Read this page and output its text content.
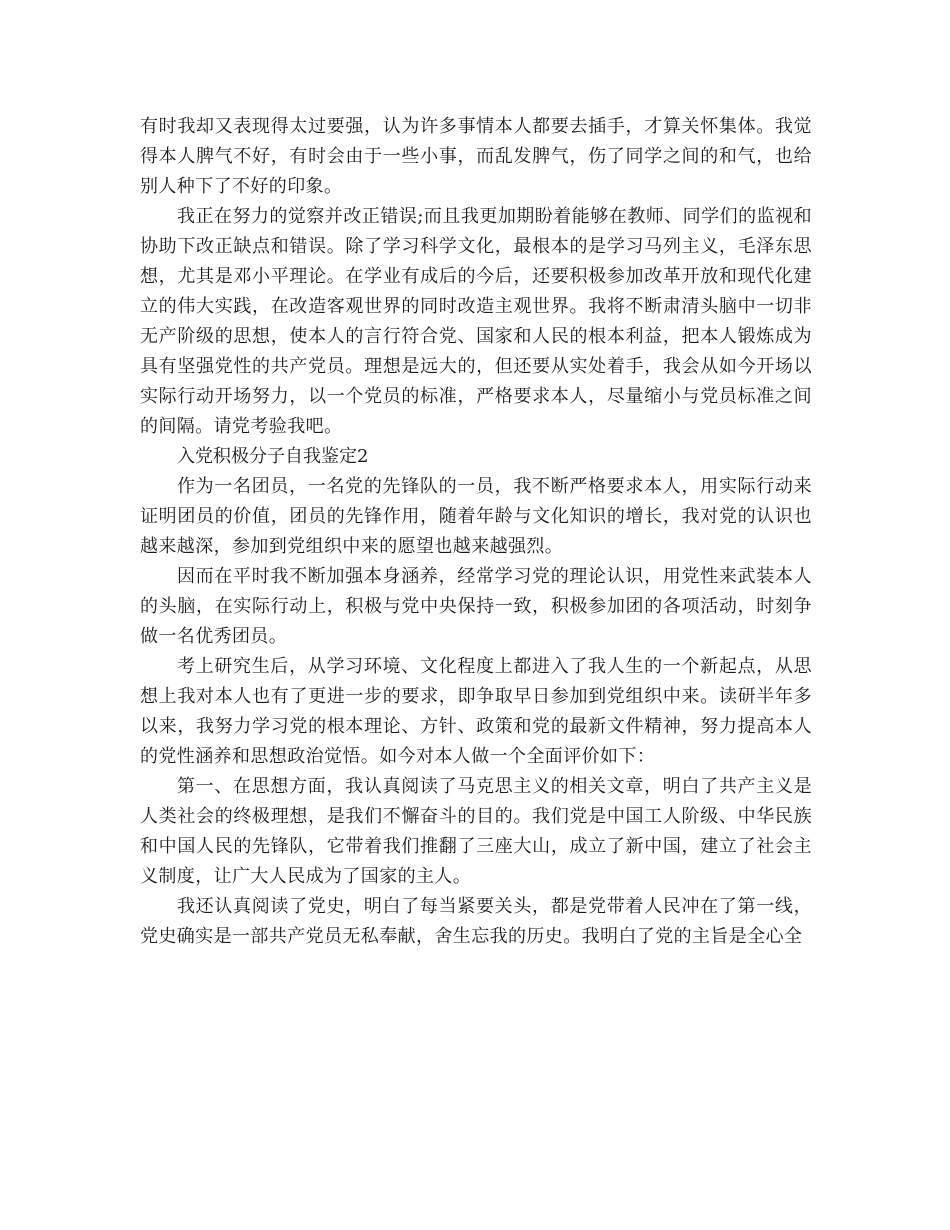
有时我却又表现得太过要强，认为许多事情本人都要去插手，才算关怀集体。我觉得本人脾气不好，有时会由于一些小事，而乱发脾气，伤了同学之间的和气，也给别人种下了不好的印象。

我正在努力的觉察并改正错误;而且我更加期盼着能够在教师、同学们的监视和协助下改正缺点和错误。除了学习科学文化，最根本的是学习马列主义，毛泽东思想，尤其是邓小平理论。在学业有成后的今后，还要积极参加改革开放和现代化建立的伟大实践，在改造客观世界的同时改造主观世界。我将不断肃清头脑中一切非无产阶级的思想，使本人的言行符合党、国家和人民的根本利益，把本人锻炼成为具有坚强党性的共产党员。理想是远大的，但还要从实处着手，我会从如今开场以实际行动开场努力，以一个党员的标准，严格要求本人，尽量缩小与党员标准之间的间隔。请党考验我吧。

入党积极分子自我鉴定2

作为一名团员，一名党的先锋队的一员，我不断严格要求本人，用实际行动来证明团员的价值，团员的先锋作用，随着年龄与文化知识的增长，我对党的认识也越来越深，参加到党组织中来的愿望也越来越强烈。

因而在平时我不断加强本身涵养，经常学习党的理论认识，用党性来武装本人的头脑，在实际行动上，积极与党中央保持一致，积极参加团的各项活动，时刻争做一名优秀团员。

考上研究生后，从学习环境、文化程度上都进入了我人生的一个新起点，从思想上我对本人也有了更进一步的要求，即争取早日参加到党组织中来。读研半年多以来，我努力学习党的根本理论、方针、政策和党的最新文件精神，努力提高本人的党性涵养和思想政治觉悟。如今对本人做一个全面评价如下：

第一、在思想方面，我认真阅读了马克思主义的相关文章，明白了共产主义是人类社会的终极理想，是我们不懈奋斗的目的。我们党是中国工人阶级、中华民族和中国人民的先锋队，它带着我们推翻了三座大山，成立了新中国，建立了社会主义制度，让广大人民成为了国家的主人。

我还认真阅读了党史，明白了每当紧要关头，都是党带着人民冲在了第一线，党史确实是一部共产党员无私奉献，舍生忘我的历史。我明白了党的主旨是全心全
